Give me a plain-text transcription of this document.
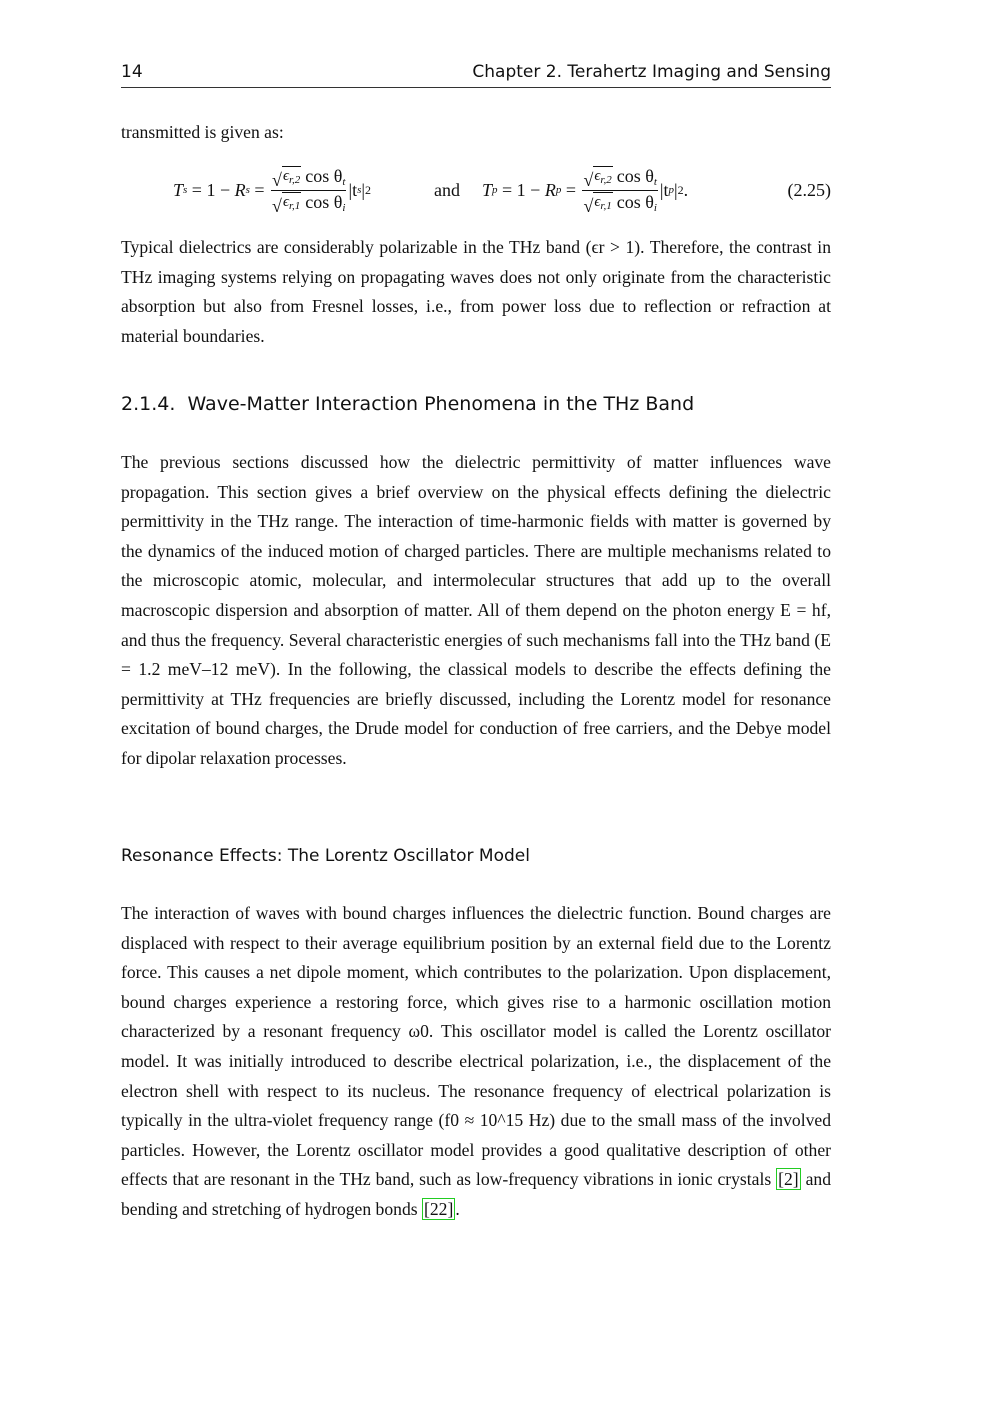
14	Chapter 2. Terahertz Imaging and Sensing

transmitted is given as:

T s = 1 − R $s = \frac{√ \epsilon_{r,2} \cos \theta_t}{√ \epsilon_{r,1} \cos \theta_i} |t$ s | 2	and T p = 1 − R $p = \frac{√ \epsilon_{r,2} \cos \theta_t}{√ \epsilon_{r,1} \cos \theta_i} |t$ p | 2 .	(2.25)

Typical dielectrics are considerably polarizable in the THz band (ϵr > 1). Therefore, the contrast in THz imaging systems relying on propagating waves does not only originate from the characteristic absorption but also from Fresnel losses, i.e., from power loss due to reflection or refraction at material boundaries.

2.1.4. Wave-Matter Interaction Phenomena in the THz Band

The previous sections discussed how the dielectric permittivity of matter influences wave propagation. This section gives a brief overview on the physical effects defining the dielectric permittivity in the THz range. The interaction of time-harmonic fields with matter is governed by the dynamics of the induced motion of charged particles. There are multiple mechanisms related to the microscopic atomic, molecular, and intermolecular structures that add up to the overall macroscopic dispersion and absorption of matter. All of them depend on the photon energy E = hf, and thus the frequency. Several characteristic energies of such mechanisms fall into the THz band (E = 1.2 meV–12 meV). In the following, the classical models to describe the effects defining the permittivity at THz frequencies are briefly discussed, including the Lorentz model for resonance excitation of bound charges, the Drude model for conduction of free carriers, and the Debye model for dipolar relaxation processes.

Resonance Effects: The Lorentz Oscillator Model

The interaction of waves with bound charges influences the dielectric function. Bound charges are displaced with respect to their average equilibrium position by an external field due to the Lorentz force. This causes a net dipole moment, which contributes to the polarization. Upon displacement, bound charges experience a restoring force, which gives rise to a harmonic oscillation motion characterized by a resonant frequency ω0. This oscillator model is called the Lorentz oscillator model. It was initially introduced to describe electrical polarization, i.e., the displacement of the electron shell with respect to its nucleus. The resonance frequency of electrical polarization is typically in the ultra-violet frequency range (f0 ≈ 10^15 Hz) due to the small mass of the involved particles. However, the Lorentz oscillator model provides a good qualitative description of other effects that are resonant in the THz band, such as low-frequency vibrations in ionic crystals [2] and bending and stretching of hydrogen bonds [22] .
